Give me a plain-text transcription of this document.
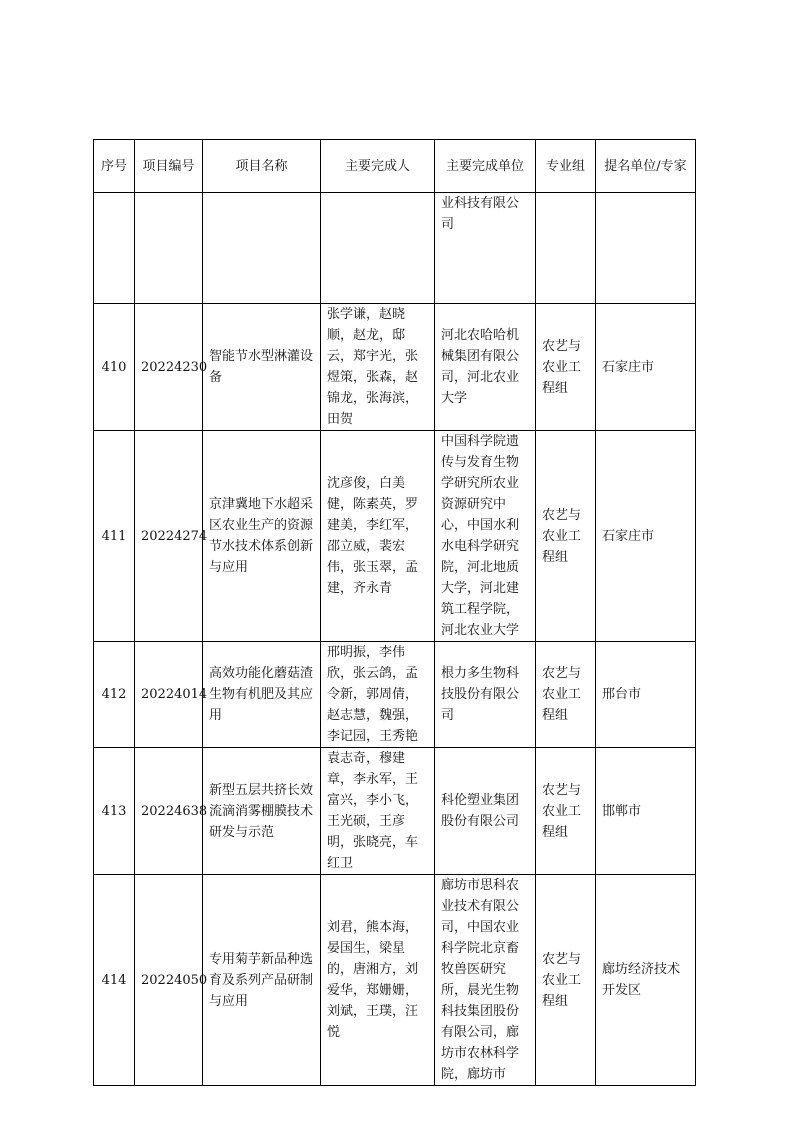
序号	项目编号	项目名称	主要完成人	主要完成单位	专业组	提名单位/专家
				业科技有限公司		
410	20224230	智能节水型淋灌设备	张学谦，赵晓顺，赵龙，邸云，郑宇光，张煜策，张森，赵锦龙，张海滨，田贺	河北农哈哈机械集团有限公司，河北农业大学	农艺与农业工程组	石家庄市
411	20224274	京津冀地下水超采区农业生产的资源节水技术体系创新与应用	沈彦俊，白美健，陈素英，罗建美，李红军，邵立威，裴宏伟，张玉翠，孟建，齐永青	中国科学院遗传与发育生物学研究所农业资源研究中心，中国水利水电科学研究院，河北地质大学，河北建筑工程学院，河北农业大学	农艺与农业工程组	石家庄市
412	20224014	高效功能化蘑菇渣生物有机肥及其应用	邢明振，李伟欣，张云鸽，孟令新，郭周倩，赵志慧，魏强，李记园，王秀艳	根力多生物科技股份有限公司	农艺与农业工程组	邢台市
413	20224638	新型五层共挤长效流滴消雾棚膜技术研发与示范	袁志奇，穆建章，李永军，王富兴，李小飞，王光硕，王彦明，张晓亮，车红卫	科伦塑业集团股份有限公司	农艺与农业工程组	邯郸市
414	20224050	专用菊芋新品种选育及系列产品研制与应用	刘君，熊本海，晏国生，梁星的，唐湘方，刘爱华，郑姗姗，刘斌，王璞，汪悦	廊坊市思科农业技术有限公司，中国农业科学院北京畜牧兽医研究所，晨光生物科技集团股份有限公司，廊坊市农林科学院，廊坊市	农艺与农业工程组	廊坊经济技术开发区
